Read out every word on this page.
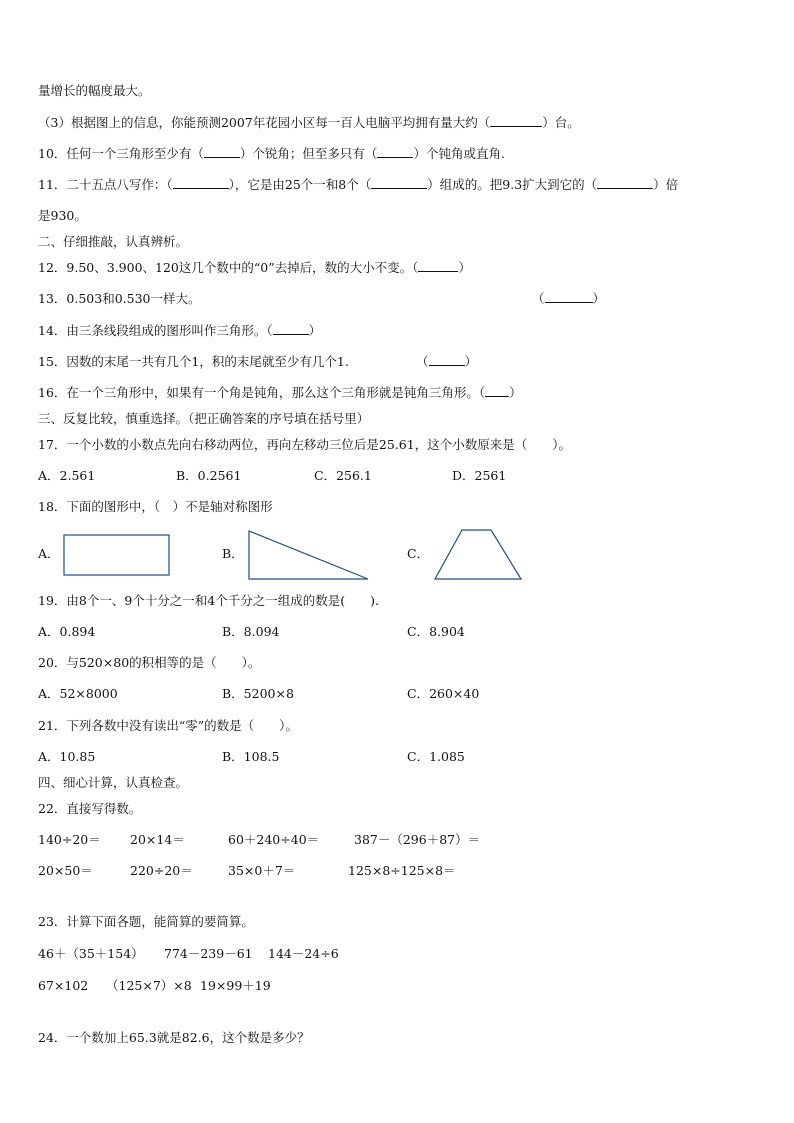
量增长的幅度最大。
（3）根据图上的信息，你能预测2007年花园小区每一百人电脑平均拥有量大约（	）台。
10．任何一个三角形至少有（	）个锐角；但至多只有（	）个钝角或直角.
11．二十五点八写作：（	），它是由25个一和8个（	）组成的。把9.3扩大到它的（	）倍
是930。
二、仔细推敲，认真辨析。
12．9.50、3.900、120这几个数中的“0”去掉后，数的大小不变。（	）
13．0.503和0.530一样大。	（	）
14．由三条线段组成的图形叫作三角形。（	）
15．因数的末尾一共有几个1，积的末尾就至少有几个1.	（	）
16．在一个三角形中，如果有一个角是钝角，那么这个三角形就是钝角三角形。（ ）
三、反复比较，慎重选择。（把正确答案的序号填在括号里）
17．一个小数的小数点先向右移动两位，再向左移动三位后是25.61，这个小数原来是（　　）。
A．2.561	B．0.2561	C．256.1	D．2561
18．下面的图形中，（　）不是轴对称图形
A．	B．	C．
19．由8个一、9个十分之一和4个千分之一组成的数是(　　).
A．0.894	B．8.094	C．8.904
20．与520×80的积相等的是（　　）。
A．52×8000	B．5200×8	C．260×40
21．下列各数中没有读出“零”的数是（　　）。
A．10.85	B．108.5	C．1.085
四、细心计算，认真检查。
22．直接写得数。
140÷20＝ 20×14＝	60＋240÷40＝	387－（296＋87）＝
20×50＝	220÷20＝	35×0＋7＝	125×8÷125×8＝
23．计算下面各题，能简算的要简算。
46＋（35＋154） 774－239－61 144－24÷6
67×102 （125×7）×8 19×99＋19
24．一个数加上65.3就是82.6，这个数是多少？
